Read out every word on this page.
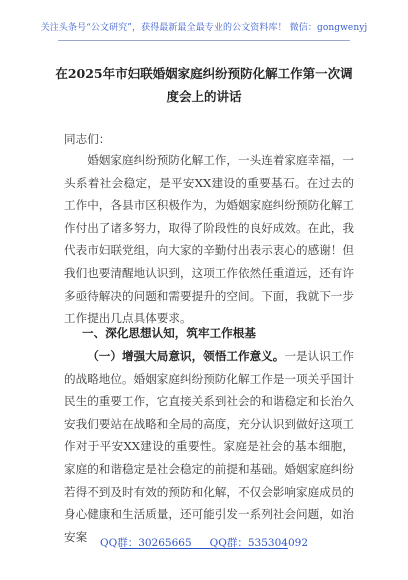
关注头条号“公文研究”，获得最新最全最专业的公文资料库！ 微信：gongwenyj
在2025年市妇联婚姻家庭纠纷预防化解工作第一次调度会上的讲话
同志们：
婚姻家庭纠纷预防化解工作，一头连着家庭幸福，一头系着社会稳定，是平安XX建设的重要基石。在过去的工作中，各县市区积极作为，为婚姻家庭纠纷预防化解工作付出了诸多努力，取得了阶段性的良好成效。在此，我代表市妇联党组，向大家的辛勤付出表示衷心的感谢！但我们也要清醒地认识到，这项工作依然任重道远，还有许多亟待解决的问题和需要提升的空间。下面，我就下一步工作提出几点具体要求。
一、深化思想认知，筑牢工作根基
（一）增强大局意识，领悟工作意义。一是认识工作的战略地位。婚姻家庭纠纷预防化解工作是一项关乎国计民生的重要工作，它直接关系到社会的和谐稳定和长治久安我们要站在战略和全局的高度，充分认识到做好这项工作对于平安XX建设的重要性。家庭是社会的基本细胞，家庭的和谐稳定是社会稳定的前提和基础。婚姻家庭纠纷若得不到及时有效的预防和化解，不仅会影响家庭成员的身心健康和生活质量，还可能引发一系列社会问题，如治安案	QQ群：30265665 QQ群：535304092
